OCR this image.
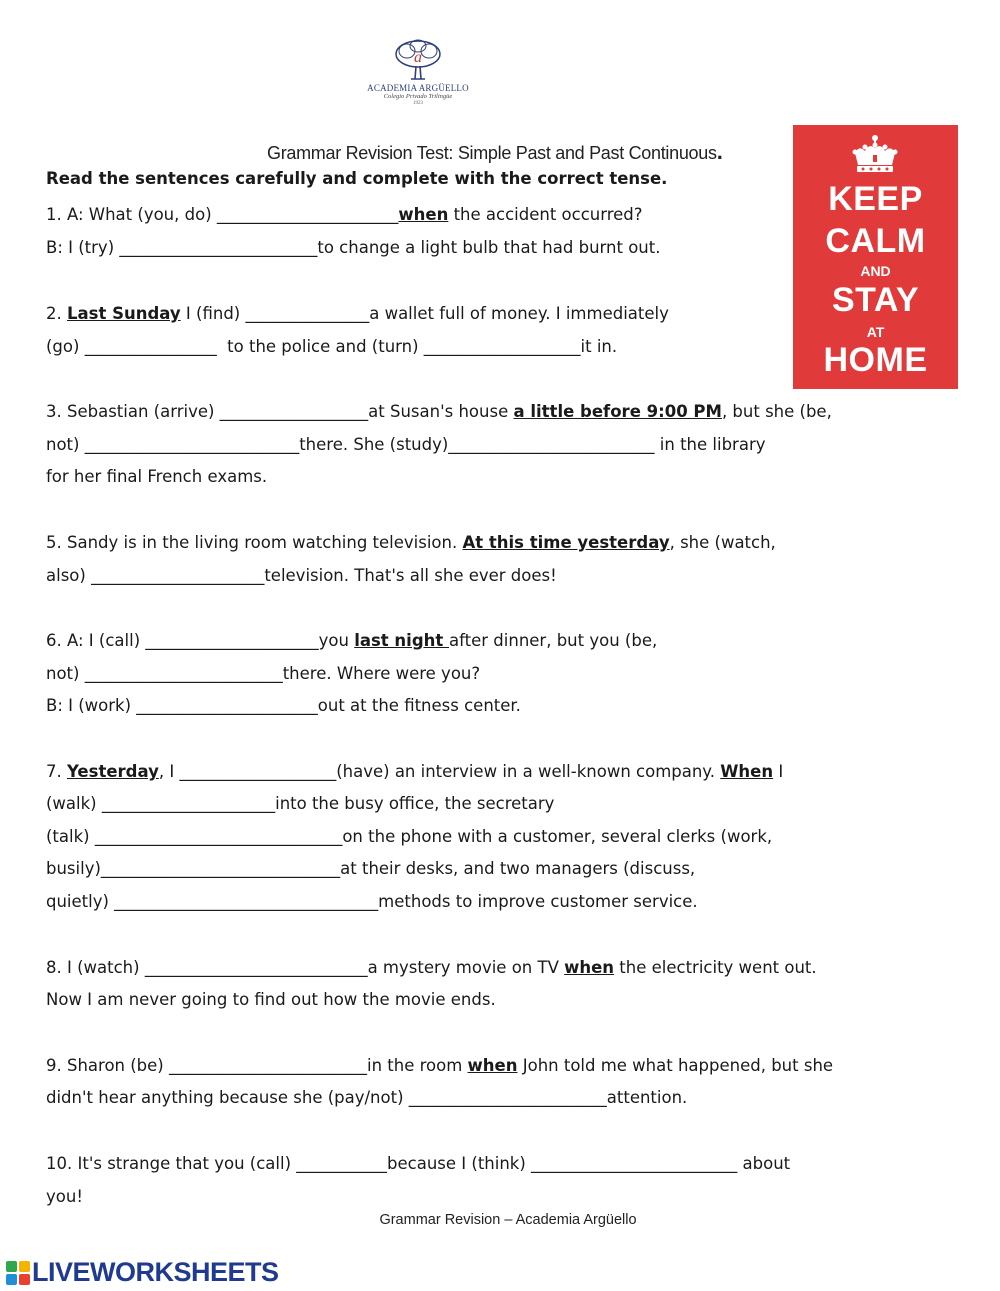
a
ACADEMIA ARGÜELLO
Colegio Privado Trilingüe
1923
KEEP
CALM
AND
STAY
AT
HOME
Grammar Revision Test: Simple Past and Past Continuous.
Read the sentences carefully and complete with the correct tense.
1. A: What (you, do) ______________________when the accident occurred?
B: I (try) ________________________to change a light bulb that had burnt out.
2. Last Sunday I (find) _______________a wallet full of money. I immediately
(go) ________________  to the police and (turn) ___________________it in.
3. Sebastian (arrive) __________________at Susan's house a little before 9:00 PM, but she (be,
not) __________________________there. She (study)_________________________ in the library
for her final French exams.
5. Sandy is in the living room watching television. At this time yesterday, she (watch,
also) _____________________television. That's all she ever does!
6. A: I (call) _____________________you last night after dinner, but you (be,
not) ________________________there. Where were you?
B: I (work) ______________________out at the fitness center.
7. Yesterday, I ___________________(have) an interview in a well-known company. When I
(walk) _____________________into the busy office, the secretary
(talk) ______________________________on the phone with a customer, several clerks (work,
busily)_____________________________at their desks, and two managers (discuss,
quietly) ________________________________methods to improve customer service.
8. I (watch) ___________________________a mystery movie on TV when the electricity went out.
Now I am never going to find out how the movie ends.
9. Sharon (be) ________________________in the room when John told me what happened, but she
didn't hear anything because she (pay/not) ________________________attention.
10. It's strange that you (call) ___________because I (think) _________________________ about
you!
Grammar Revision – Academia Argüello
LIVEWORKSHEETS
